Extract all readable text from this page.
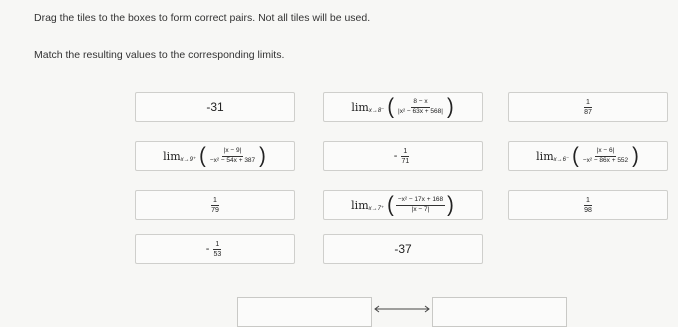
Drag the tiles to the boxes to form correct pairs. Not all tiles will be used.
Match the resulting values to the corresponding limits.
-31	lim x→8⁻ ( $\frac{8 - x}{\text{|x² − 63x + 568|}}$ )	$\frac{1}{87}$
lim x→9⁺ ( $\frac{|x - 9|}{\text{−x² − 54x + 387}}$ )	- $\frac{1}{71}$	lim x→6⁻ ( $\frac{|x - 6|}{\text{−x² − 86x + 552}}$ )
$\frac{1}{79}$	lim x→7⁺ ( $\frac{\text{−x² − 17x + 168}}{|x - 7|}$ )	$\frac{1}{98}$
- $\frac{1}{53}$	-37
